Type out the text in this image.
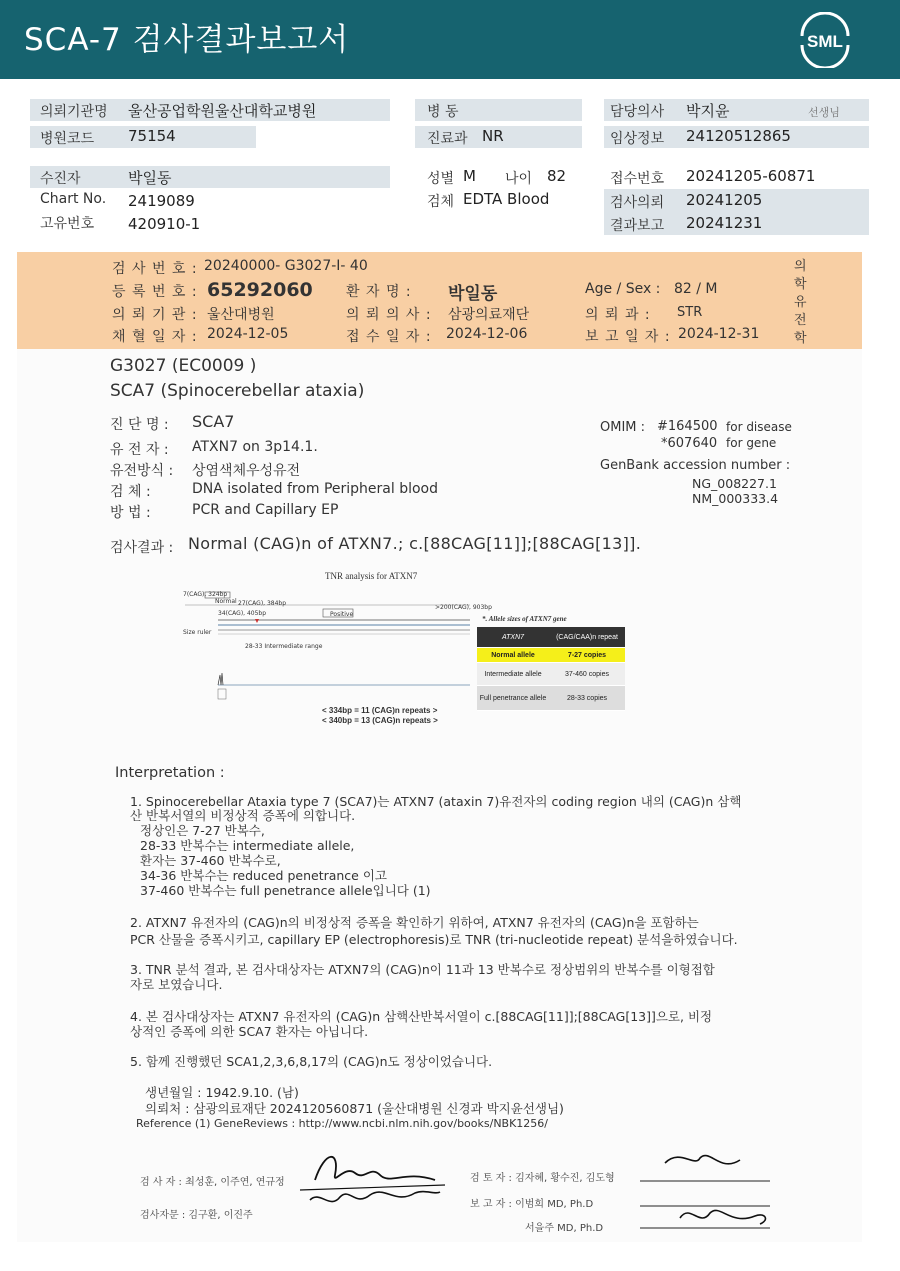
SCA-7 검사결과보고서	SML
의뢰기관명 울산공업학원울산대학교병원
병원코드 75154
병 동
진료과 NR
담당의사 박지윤	선생님
임상정보 24120512865
수진자	박일동
Chart No. 2419089
고유번호 420910-1
성별 M 나이 82
검체 EDTA Blood
접수번호 20241205-60871
검사의뢰 20241205
결과보고 20241231
검 사 번 호 : 20240000- G3027-I- 40
등 록 번 호 : 65292060 환 자 명 : 박일동	Age / Sex : 82 / M
의 뢰 기 관 : 울산대병원	의 뢰 의 사 : 삼광의료재단	의 뢰 과 : STR
채 혈 일 자 : 2024-12-05	접 수 일 자 : 2024-12-06	보 고 일 자 : 2024-12-31
의
학
유
전
학
G3027 (EC0009 )
SCA7 (Spinocerebellar ataxia)
진 단 명 : SCA7
유 전 자 : ATXN7 on 3p14.1.
유전방식 : 상염색체우성유전
검 체 :	DNA isolated from Peripheral blood
방 법 :	PCR and Capillary EP
OMIM : #164500 for disease
*607640 for gene
GenBank accession number :
NG_008227.1
NM_000333.4
검사결과 : Normal (CAG)n of ATXN7.; c.[88CAG[11]];[88CAG[13]].
TNR analysis for ATXN7
7(CAG), 324bp
Normal 27(CAG), 384bp
34(CAG), 405bp	Positive
>200(CAG), 903bp
Size ruler
28-33 Intermediate range
< 334bp = 11 (CAG)n repeats >
< 340bp = 13 (CAG)n repeats >
*. Allele sizes of ATXN7 gene
ATXN7	(CAG/CAA)n repeat
Normal allele	7-27 copies
Intermediate allele	37-460 copies
Full penetrance allele	28-33 copies
Interpretation :
1. Spinocerebellar Ataxia type 7 (SCA7)는 ATXN7 (ataxin 7)유전자의 coding region 내의 (CAG)n 삼핵
산 반복서열의 비정상적 증폭에 의합니다.
정상인은 7-27 반복수,
28-33 반복수는 intermediate allele,
환자는 37-460 반복수로,
34-36 반복수는 reduced penetrance 이고
37-460 반복수는 full penetrance allele입니다 (1)
2. ATXN7 유전자의 (CAG)n의 비정상적 증폭을 확인하기 위하여, ATXN7 유전자의 (CAG)n을 포함하는
PCR 산물을 증폭시키고, capillary EP (electrophoresis)로 TNR (tri-nucleotide repeat) 분석을하였습니다.
3. TNR 분석 결과, 본 검사대상자는 ATXN7의 (CAG)n이 11과 13 반복수로 정상범위의 반복수를 이형접합
자로 보였습니다.
4. 본 검사대상자는 ATXN7 유전자의 (CAG)n 삼핵산반복서열이 c.[88CAG[11]];[88CAG[13]]으로, 비정
상적인 증폭에 의한 SCA7 환자는 아닙니다.
5. 함께 진행했던 SCA1,2,3,6,8,17의 (CAG)n도 정상이었습니다.
생년월일 : 1942.9.10. (남)
의뢰처 : 삼광의료재단 2024120560871 (울산대병원 신경과 박지윤선생님)
Reference (1) GeneReviews : http://www.ncbi.nlm.nih.gov/books/NBK1256/
검 사 자 : 최성훈, 이주연, 연규정
검사자문 : 김구환, 이진주
검 토 자 : 김자혜, 황수진, 김도형
보 고 자 : 이범희 MD, Ph.D
서을주 MD, Ph.D
